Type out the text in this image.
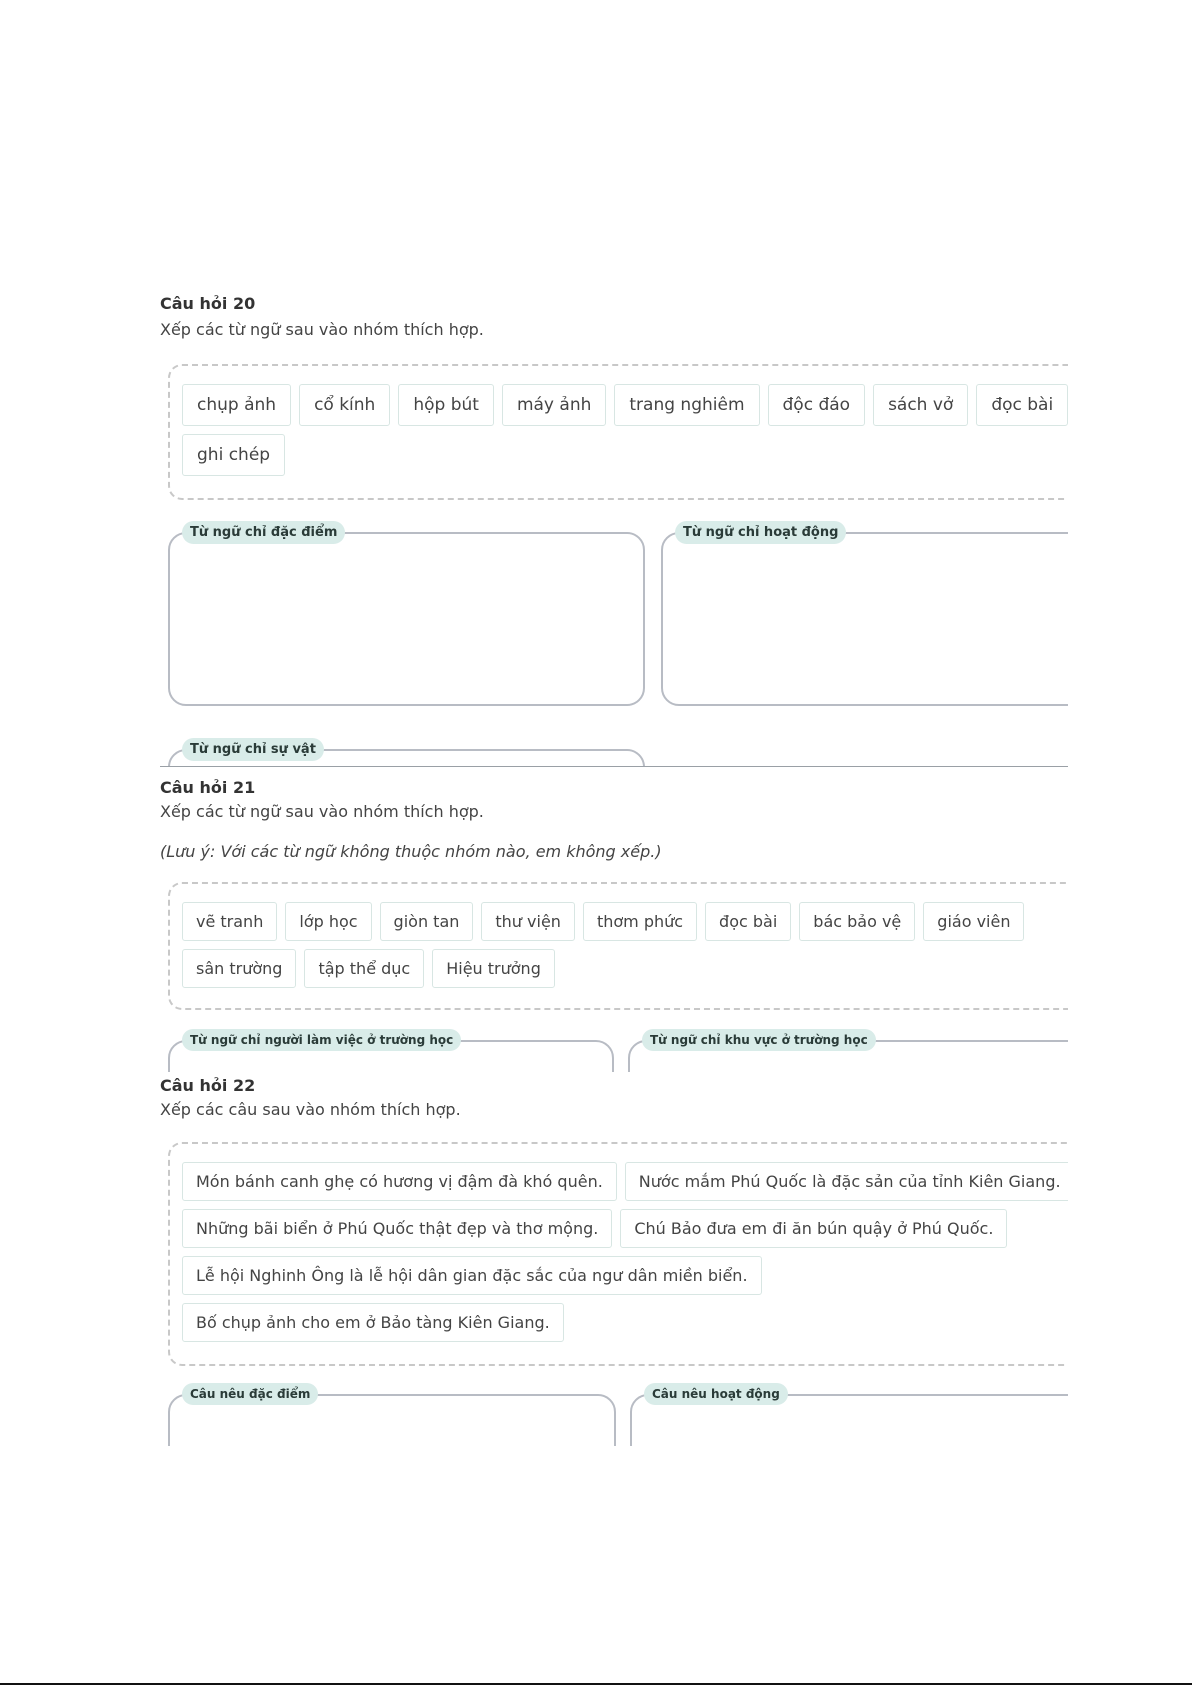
Câu hỏi 20
Xếp các từ ngữ sau vào nhóm thích hợp.
chụp ảnh	cổ kính	hộp bút	máy ảnh	trang nghiêm	độc đáo	sách vở	đọc bài
ghi chép
Từ ngữ chỉ đặc điểm	Từ ngữ chỉ hoạt động
Từ ngữ chỉ sự vật
Câu hỏi 21
Xếp các từ ngữ sau vào nhóm thích hợp.
(Lưu ý: Với các từ ngữ không thuộc nhóm nào, em không xếp.)
vẽ tranh	lớp học	giòn tan	thư viện	thơm phức	đọc bài	bác bảo vệ	giáo viên
sân trường	tập thể dục	Hiệu trưởng
Từ ngữ chỉ người làm việc ở trường học	Từ ngữ chỉ khu vực ở trường học
Câu hỏi 22
Xếp các câu sau vào nhóm thích hợp.
Món bánh canh ghẹ có hương vị đậm đà khó quên.	Nước mắm Phú Quốc là đặc sản của tỉnh Kiên Giang.
Những bãi biển ở Phú Quốc thật đẹp và thơ mộng.	Chú Bảo đưa em đi ăn bún quậy ở Phú Quốc.
Lễ hội Nghinh Ông là lễ hội dân gian đặc sắc của ngư dân miền biển.
Bố chụp ảnh cho em ở Bảo tàng Kiên Giang.
Câu nêu đặc điểm	Câu nêu hoạt động
